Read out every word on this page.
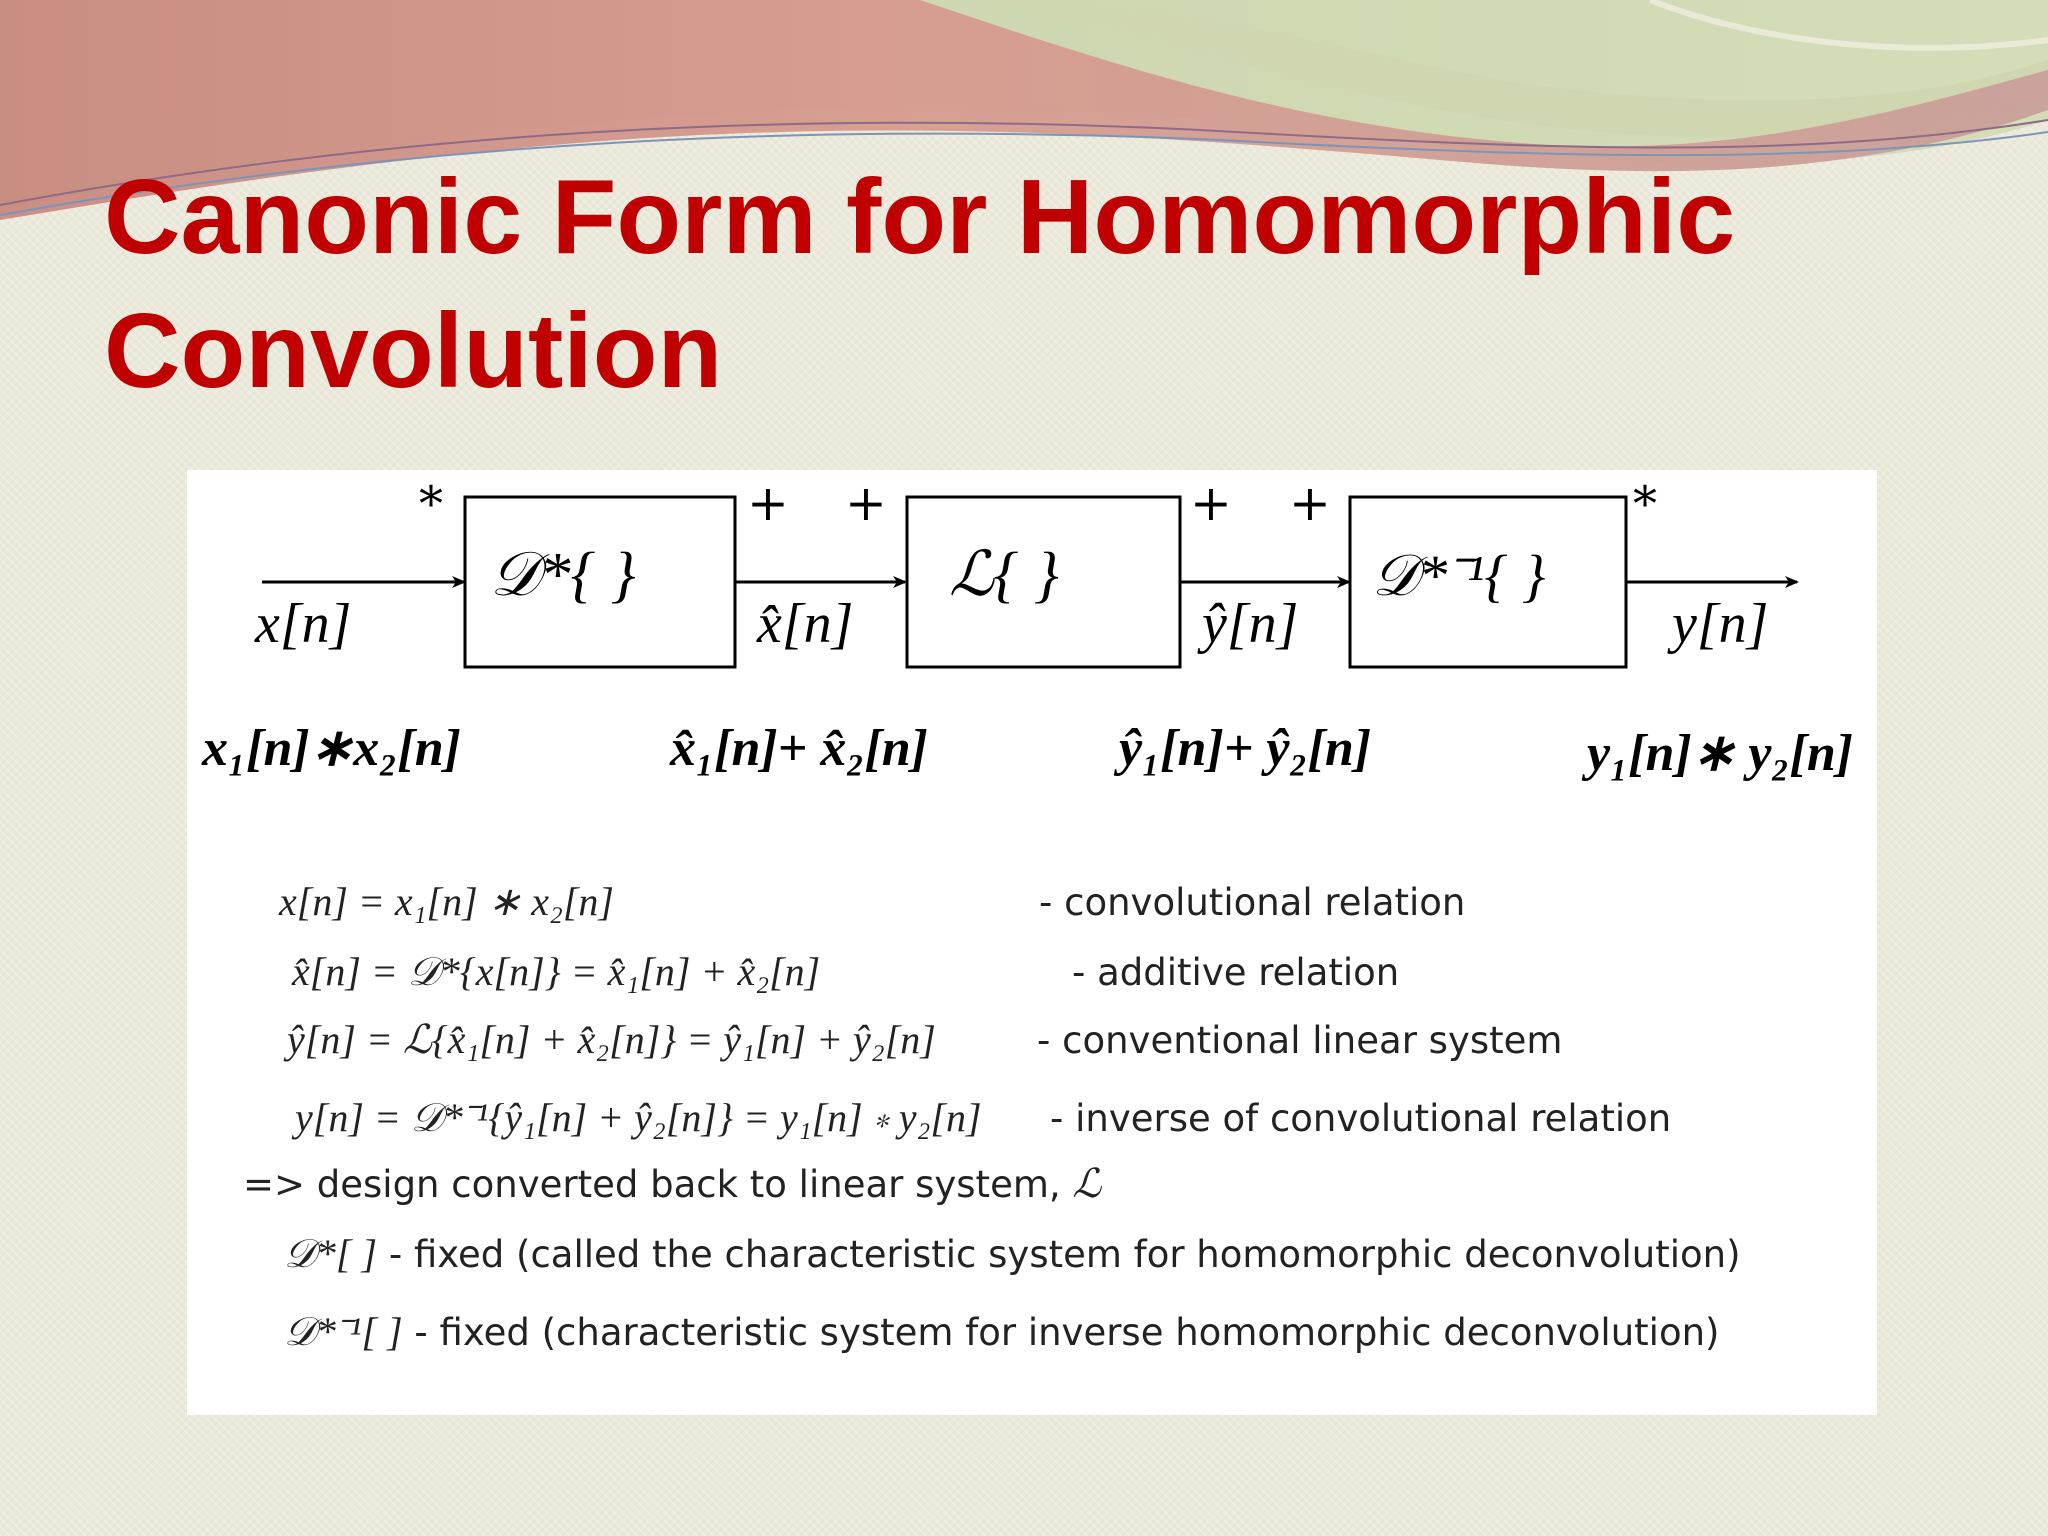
Canonic Form for Homomorphic
Convolution
𝒟*{ }	ℒ{ }	𝒟*⁻¹{ }
*	+ +	+ +	*
x[n]	x̂[n]	ŷ[n]	y[n]
x₁[n]∗x₂[n]	x̂₁[n]+ x̂₂[n]	ŷ₁[n]+ ŷ₂[n]	y₁[n]∗ y₂[n]
x[n] = x₁[n] ∗ x₂[n]	- convolutional relation
x̂[n] = 𝒟*{x[n]} = x̂₁[n] + x̂₂[n]	- additive relation
ŷ[n] = ℒ{x̂₁[n] + x̂₂[n]} = ŷ₁[n] + ŷ₂[n]	- conventional linear system
y[n] = 𝒟*⁻¹{ŷ₁[n] + ŷ₂[n]} = y₁[n] ∗ y₂[n] - inverse of convolutional relation
=> design converted back to linear system, ℒ
𝒟*[ ] - fixed (called the characteristic system for homomorphic deconvolution)
𝒟*⁻¹[ ] - fixed (characteristic system for inverse homomorphic deconvolution)
